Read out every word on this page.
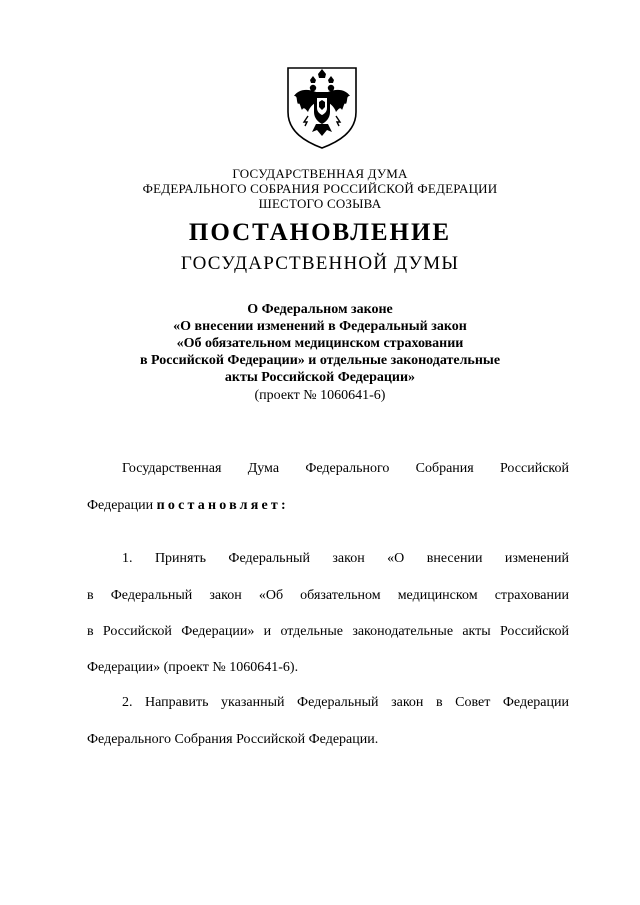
ГОСУДАРСТВЕННАЯ ДУМА
ФЕДЕРАЛЬНОГО СОБРАНИЯ РОССИЙСКОЙ ФЕДЕРАЦИИ
ШЕСТОГО СОЗЫВА
ПОСТАНОВЛЕНИЕ
ГОСУДАРСТВЕННОЙ ДУМЫ
О Федеральном законе
«О внесении изменений в Федеральный закон
«Об обязательном медицинском страховании
в Российской Федерации» и отдельные законодательные
акты Российской Федерации»
(проект № 1060641-6)
Государственная Дума Федерального Собрания Российской
Федерации постановляет:
1. Принять Федеральный закон «О внесении изменений
в Федеральный закон «Об обязательном медицинском страховании
в Российской Федерации» и отдельные законодательные акты Российской
Федерации» (проект № 1060641-6).
2. Направить указанный Федеральный закон в Совет Федерации
Федерального Собрания Российской Федерации.
